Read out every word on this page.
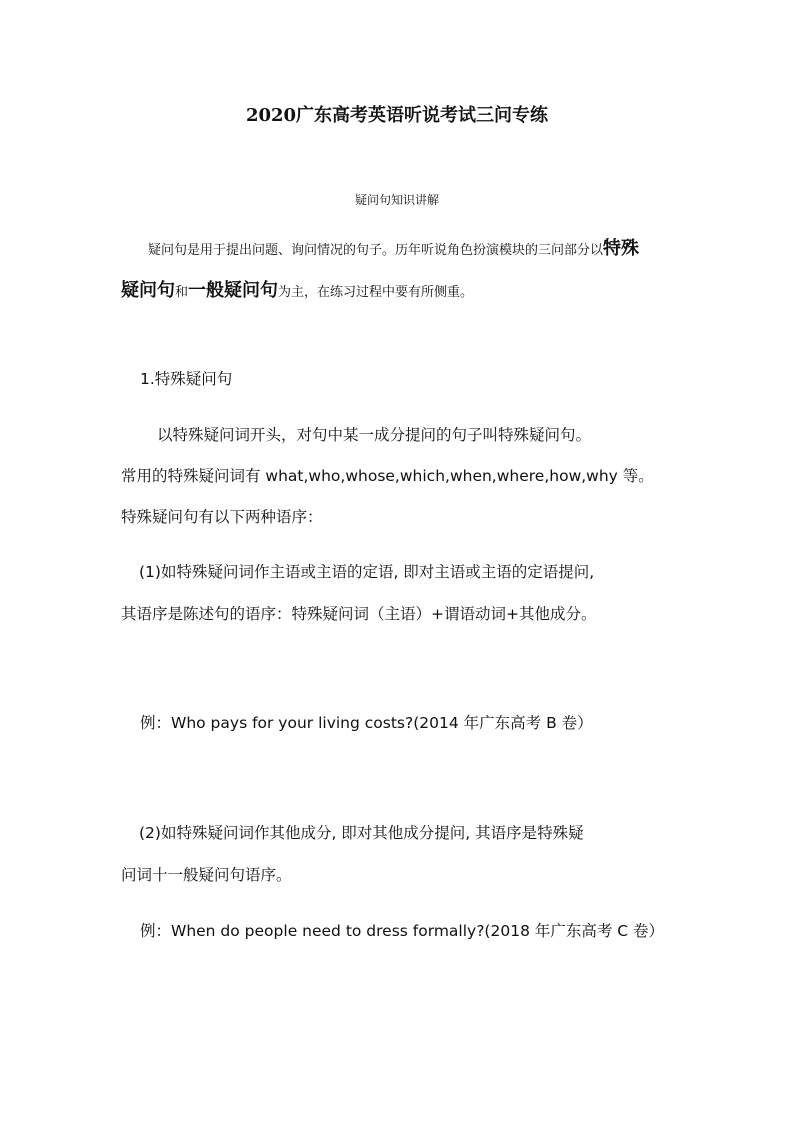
2020广东高考英语听说考试三问专练
疑问句知识讲解
疑问句是用于提出问题、询问情况的句子。历年听说角色扮演模块的三问部分以特殊
疑问句和一般疑问句为主，在练习过程中要有所侧重。
1.特殊疑问句
以特殊疑问词开头，对句中某一成分提问的句子叫特殊疑问句。
常用的特殊疑问词有 what,who,whose,which,when,where,how,why 等。
特殊疑问句有以下两种语序：
(1)如特殊疑问词作主语或主语的定语, 即对主语或主语的定语提问,
其语序是陈述句的语序：特殊疑问词（主语）+谓语动词+其他成分。
例：Who pays for your living costs?(2014 年广东高考 B 卷）
(2)如特殊疑问词作其他成分, 即对其他成分提问, 其语序是特殊疑
问词十一般疑问句语序。
例：When do people need to dress formally?(2018 年广东高考 C 卷）
